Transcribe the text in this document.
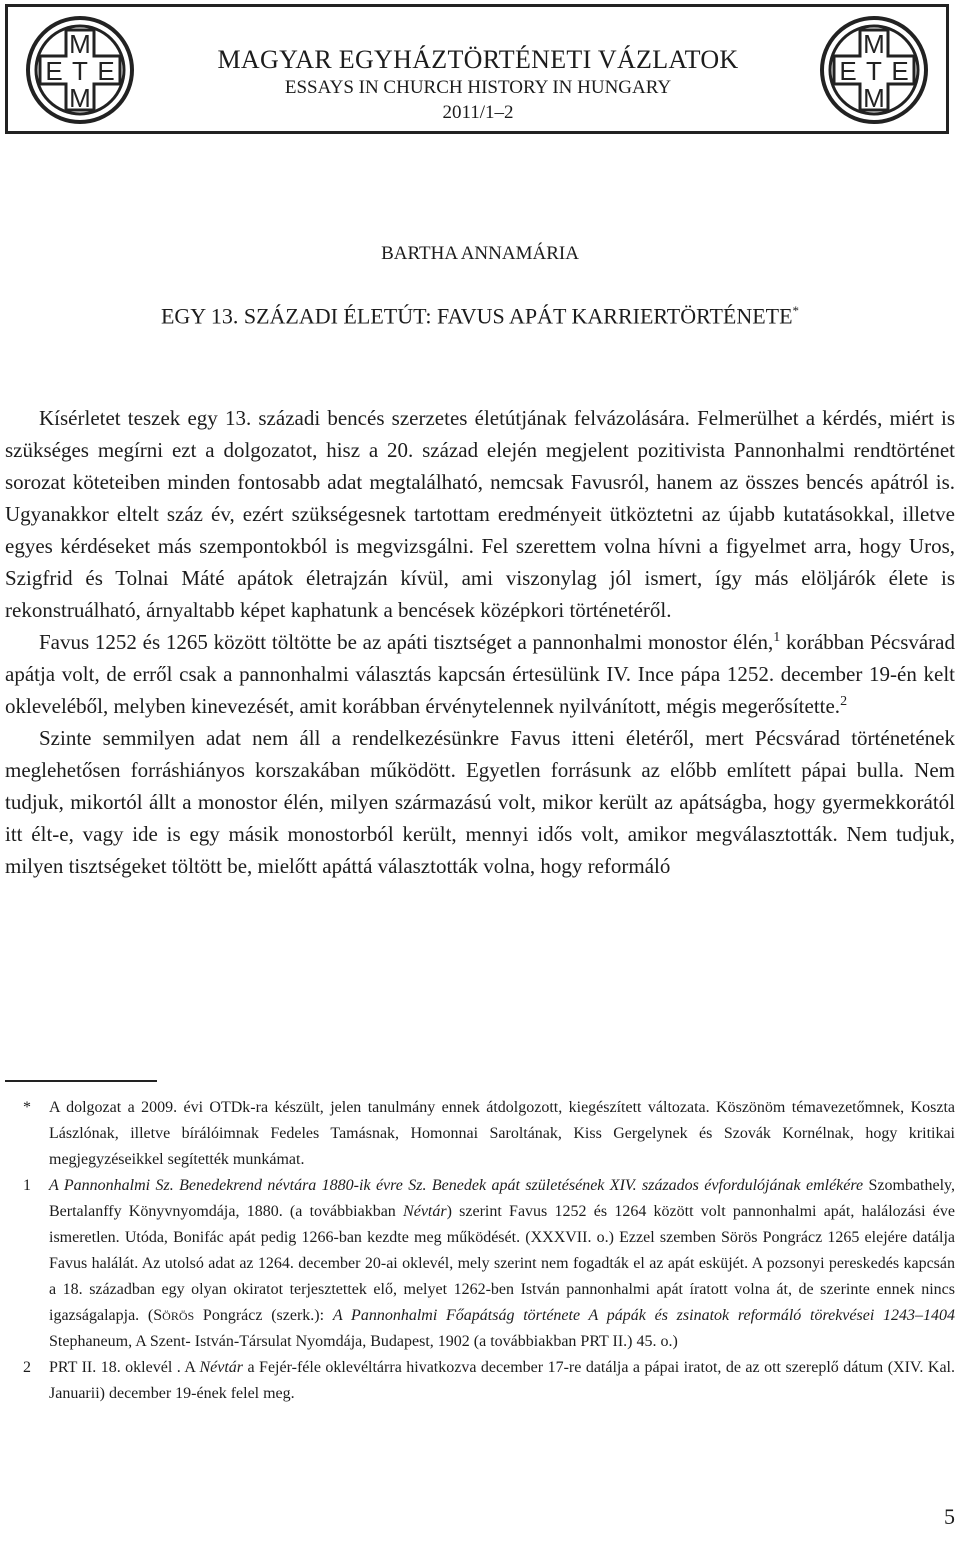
M
E T E
M
MAGYAR EGYHÁZTÖRTÉNETI VÁZLATOK
ESSAYS IN CHURCH HISTORY IN HUNGARY
2011/1–2
M
E T E
M
BARTHA ANNAMÁRIA
EGY 13. SZÁZADI ÉLETÚT: FAVUS APÁT KARRIERTÖRTÉNETE*

Kísérletet teszek egy 13. századi bencés szerzetes életútjának felvázolására. Felmerülhet a kérdés, miért is szükséges megírni ezt a dolgozatot, hisz a 20. század elején megjelent pozitivista Pannonhalmi rendtörténet sorozat köteteiben minden fontosabb adat megtalálható, nemcsak Favusról, hanem az összes bencés apátról is. Ugyanakkor eltelt száz év, ezért szükségesnek tartottam eredményeit ütköztetni az újabb kutatásokkal, illetve egyes kérdéseket más szempontokból is megvizsgálni. Fel szerettem volna hívni a figyelmet arra, hogy Uros, Szigfrid és Tolnai Máté apátok életrajzán kívül, ami viszonylag jól ismert, így más elöljárók élete is rekonstruálható, árnyaltabb képet kaphatunk a bencések középkori történetéről.

Favus 1252 és 1265 között töltötte be az apáti tisztséget a pannonhalmi monostor élén,$^1$ korábban Pécsvárad apátja volt, de erről csak a pannonhalmi választás kapcsán értesülünk IV. Ince pápa 1252. december 19-én kelt okleveléből, melyben kinevezését, amit korábban érvénytelennek nyilvánított, mégis megerősítette.$^2$

Szinte semmilyen adat nem áll a rendelkezésünkre Favus itteni életéről, mert Pécsvárad történetének meglehetősen forráshiányos korszakában működött. Egyetlen forrásunk az előbb említett pápai bulla. Nem tudjuk, mikortól állt a monostor élén, milyen származású volt, mikor került az apátságba, hogy gyermekkorától itt élt-e, vagy ide is egy másik monostorból került, mennyi idős volt, amikor megválasztották. Nem tudjuk, milyen tisztségeket töltött be, mielőtt apáttá választották volna, hogy reformáló

*	A dolgozat a 2009. évi OTDk-ra készült, jelen tanulmány ennek átdolgozott, kiegészített változata. Köszönöm témavezetőmnek, Koszta Lászlónak, illetve bírálóimnak Fedeles Tamásnak, Homonnai Saroltának, Kiss Gergelynek és Szovák Kornélnak, hogy kritikai megjegyzéseikkel segítették munkámat.
1	A Pannonhalmi Sz. Benedekrend névtára 1880-ik évre Sz. Benedek apát születésének XIV. százados évfordulójának emlékére Szombathely, Bertalanffy Könyvnyomdája, 1880. (a továbbiakban Névtár) szerint Favus 1252 és 1264 között volt pannonhalmi apát, halálozási éve ismeretlen. Utóda, Bonifác apát pedig 1266-ban kezdte meg működését. (XXXVII. o.) Ezzel szemben Sörös Pongrácz 1265 elejére datálja Favus halálát. Az utolsó adat az 1264. december 20-ai oklevél, mely szerint nem fogadták el az apát esküjét. A pozsonyi pereskedés kapcsán a 18. században egy olyan okiratot terjesztettek elő, melyet 1262-ben István pannonhalmi apát íratott volna át, de szerinte ennek nincs igazságalapja. (SÖRÖS Pongrácz (szerk.): A Pannonhalmi Főapátság története A pápák és zsinatok reformáló törekvései 1243–1404 Stephaneum, A Szent- István-Társulat Nyomdája, Budapest, 1902 (a továbbiakban PRT II.) 45. o.)
2	PRT II. 18. oklevél . A Névtár a Fejér-féle oklevéltárra hivatkozva december 17-re datálja a pápai iratot, de az ott szereplő dátum (XIV. Kal. Januarii) december 19-ének felel meg.
5
